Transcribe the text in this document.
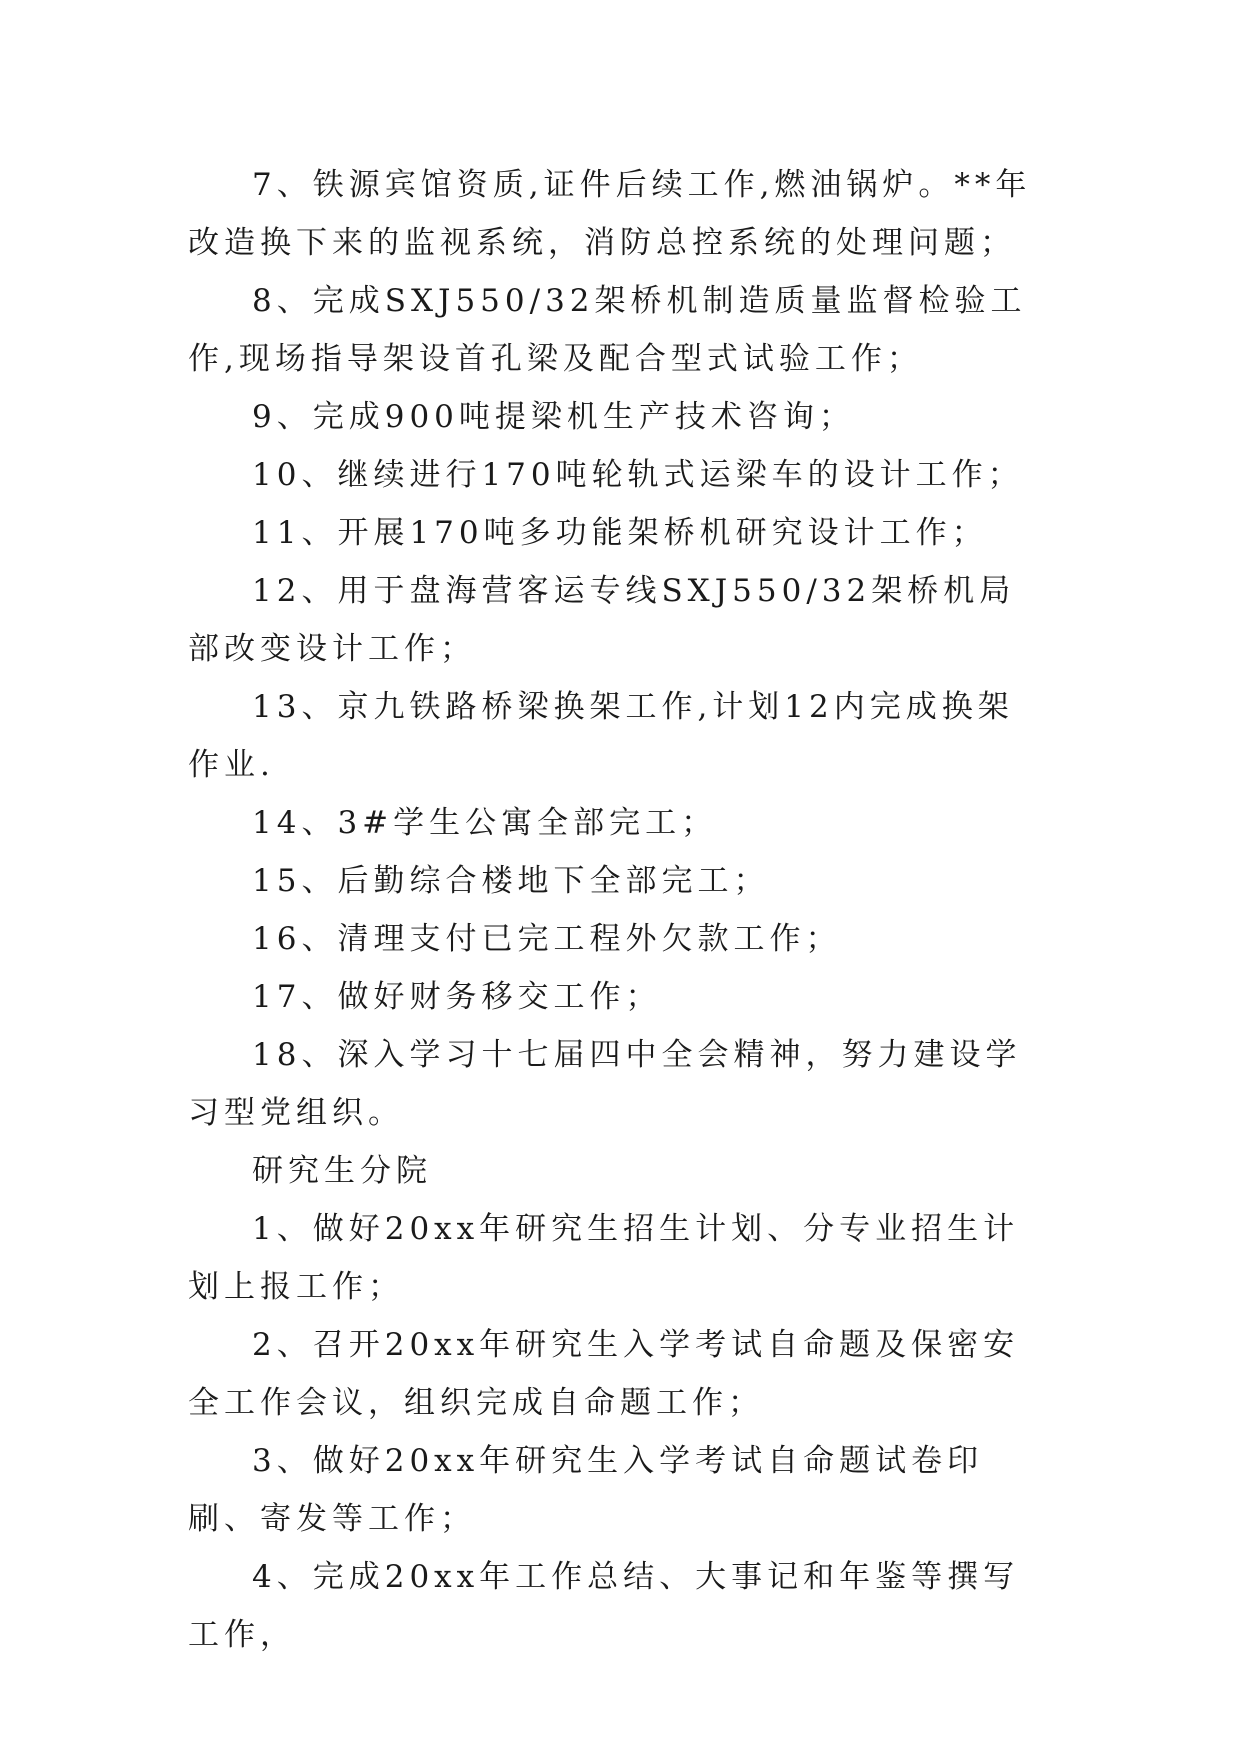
7、铁源宾馆资质,证件后续工作,燃油锅炉。**年改造换下来的监视系统，消防总控系统的处理问题；

8、完成SXJ550/32架桥机制造质量监督检验工作,现场指导架设首孔梁及配合型式试验工作；

9、完成900吨提梁机生产技术咨询；

10、继续进行170吨轮轨式运梁车的设计工作；

11、开展170吨多功能架桥机研究设计工作；

12、用于盘海营客运专线SXJ550/32架桥机局部改变设计工作；

13、京九铁路桥梁换架工作,计划12内完成换架作业.

14、3#学生公寓全部完工；

15、后勤综合楼地下全部完工；

16、清理支付已完工程外欠款工作；

17、做好财务移交工作；

18、深入学习十七届四中全会精神，努力建设学习型党组织。

研究生分院

1、做好20xx年研究生招生计划、分专业招生计划上报工作；

2、召开20xx年研究生入学考试自命题及保密安全工作会议，组织完成自命题工作；

3、做好20xx年研究生入学考试自命题试卷印刷、寄发等工作；

4、完成20xx年工作总结、大事记和年鉴等撰写工作，
